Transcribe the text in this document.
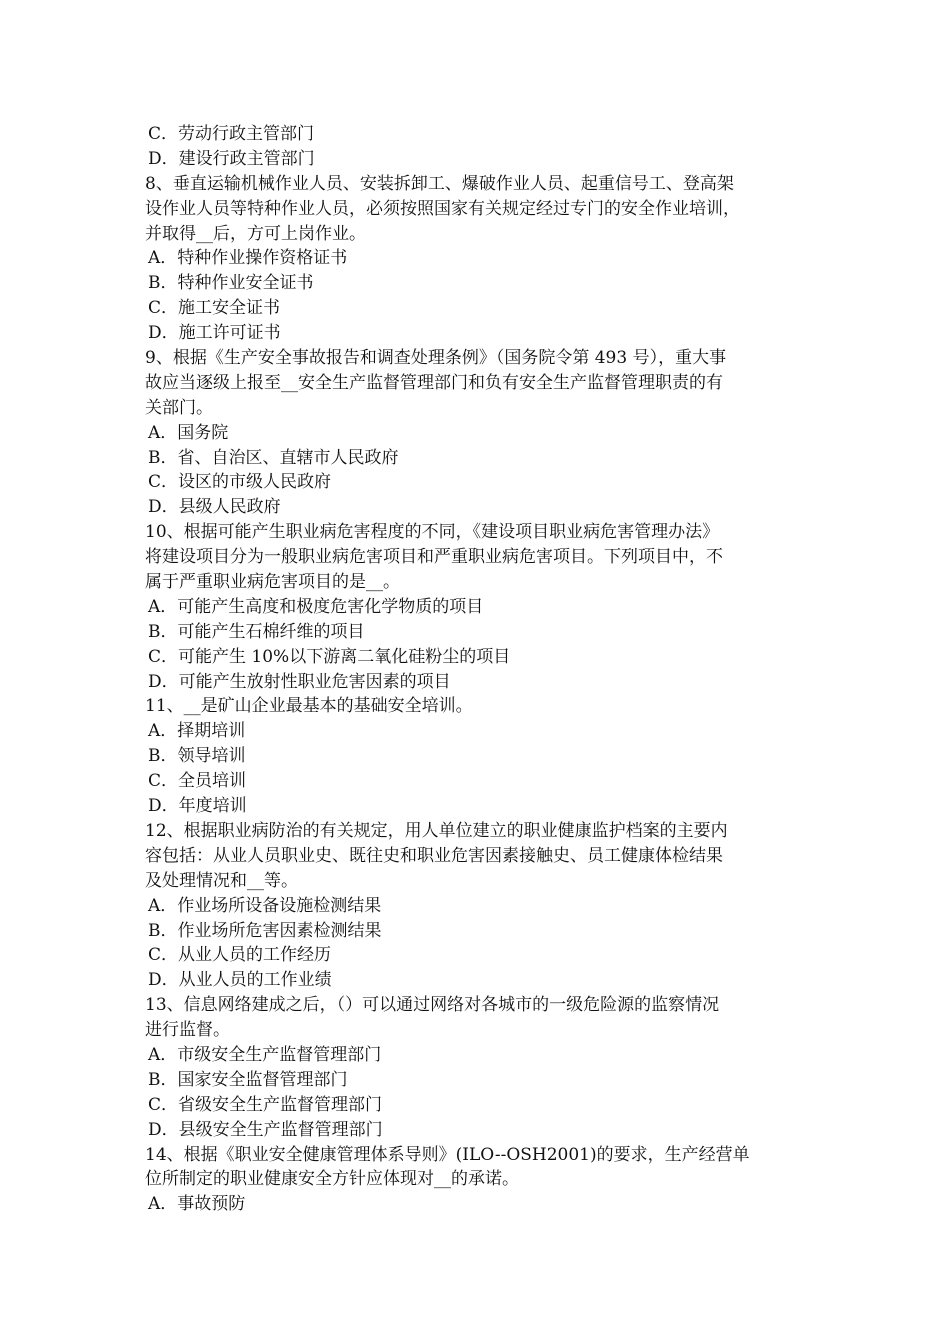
C．劳动行政主管部门
D．建设行政主管部门
8、垂直运输机械作业人员、安装拆卸工、爆破作业人员、起重信号工、登高架
设作业人员等特种作业人员，必须按照国家有关规定经过专门的安全作业培训，
并取得__后，方可上岗作业。
A．特种作业操作资格证书
B．特种作业安全证书
C．施工安全证书
D．施工许可证书
9、根据《生产安全事故报告和调查处理条例》（国务院令第 493 号），重大事
故应当逐级上报至__安全生产监督管理部门和负有安全生产监督管理职责的有
关部门。
A．国务院
B．省、自治区、直辖市人民政府
C．设区的市级人民政府
D．县级人民政府
10、根据可能产生职业病危害程度的不同，《建设项目职业病危害管理办法》
将建设项目分为一般职业病危害项目和严重职业病危害项目。下列项目中，不
属于严重职业病危害项目的是__。
A．可能产生高度和极度危害化学物质的项目
B．可能产生石棉纤维的项目
C．可能产生 10%以下游离二氧化硅粉尘的项目
D．可能产生放射性职业危害因素的项目
11、__是矿山企业最基本的基础安全培训。
A．择期培训
B．领导培训
C．全员培训
D．年度培训
12、根据职业病防治的有关规定，用人单位建立的职业健康监护档案的主要内
容包括：从业人员职业史、既往史和职业危害因素接触史、员工健康体检结果
及处理情况和__等。
A．作业场所设备设施检测结果
B．作业场所危害因素检测结果
C．从业人员的工作经历
D．从业人员的工作业绩
13、信息网络建成之后，（）可以通过网络对各城市的一级危险源的监察情况
进行监督。
A．市级安全生产监督管理部门
B．国家安全监督管理部门
C．省级安全生产监督管理部门
D．县级安全生产监督管理部门
14、根据《职业安全健康管理体系导则》(ILO--OSH2001)的要求，生产经营单
位所制定的职业健康安全方针应体现对__的承诺。
A．事故预防
